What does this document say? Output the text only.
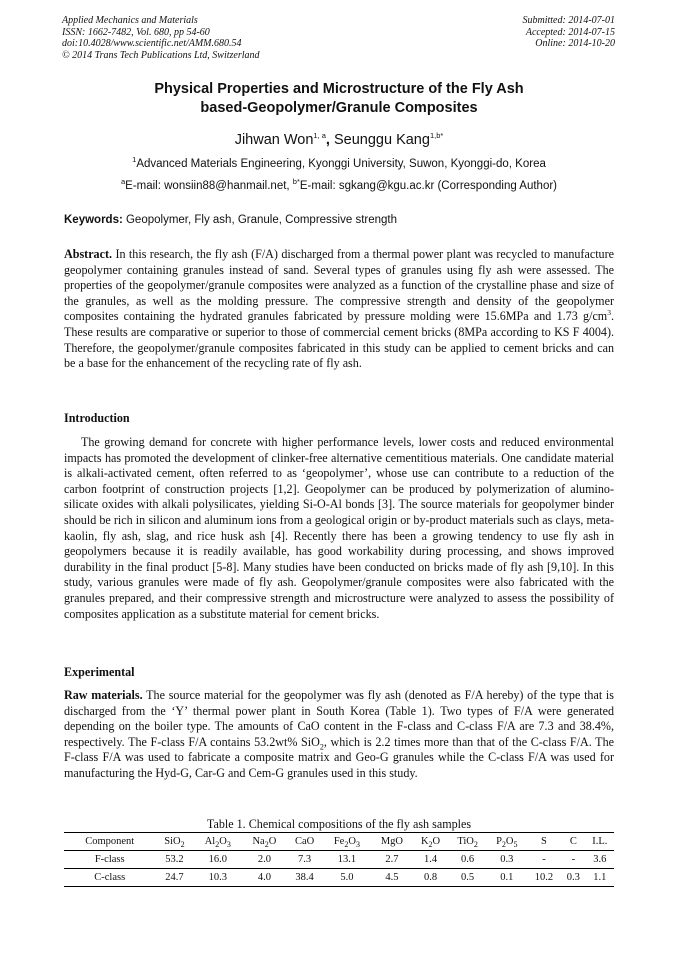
Applied Mechanics and Materials
ISSN: 1662-7482, Vol. 680, pp 54-60
doi:10.4028/www.scientific.net/AMM.680.54
© 2014 Trans Tech Publications Ltd, Switzerland
Submitted: 2014-07-01
Accepted: 2014-07-15
Online: 2014-10-20
Physical Properties and Microstructure of the Fly Ash
based-Geopolymer/Granule Composites
Jihwan Won$^{1, a}$, Seunggu Kang$^{1,b*}$
$^1$Advanced Materials Engineering, Kyonggi University, Suwon, Kyonggi-do, Korea
$^a$E-mail: wonsiin88@hanmail.net, $^{b*}$E-mail: sgkang@kgu.ac.kr (Corresponding Author)
Keywords: Geopolymer, Fly ash, Granule, Compressive strength
Abstract. In this research, the fly ash (F/A) discharged from a thermal power plant was recycled to manufacture geopolymer containing granules instead of sand. Several types of granules using fly ash were assessed. The properties of the geopolymer/granule composites were analyzed as a function of the crystalline phase and size of the granules, as well as the molding pressure. The compressive strength and density of the geopolymer composites containing the hydrated granules fabricated by pressure molding were 15.6MPa and 1.73 $g/cm^3$. These results are comparative or superior to those of commercial cement bricks (8MPa according to KS F 4004). Therefore, the geopolymer/granule composites fabricated in this study can be applied to cement bricks and can be a base for the enhancement of the recycling rate of fly ash.
Introduction
The growing demand for concrete with higher performance levels, lower costs and reduced environmental impacts has promoted the development of clinker-free alternative cementitious materials. One candidate material is alkali-activated cement, often referred to as ‘geopolymer’, whose use can contribute to a reduction of the carbon footprint of construction projects [1,2]. Geopolymer can be produced by polymerization of alumino-silicate oxides with alkali polysilicates, yielding Si-O-Al bonds [3]. The source materials for geopolymer binder should be rich in silicon and aluminum ions from a geological origin or by-product materials such as clays, meta-kaolin, fly ash, slag, and rice husk ash [4]. Recently there has been a growing tendency to use fly ash in geopolymers because it is readily available, has good workability during processing, and shows improved durability in the final product [5-8]. Many studies have been conducted on bricks made of fly ash [9,10]. In this study, various granules were made of fly ash. Geopolymer/granule composites were also fabricated with the granules prepared, and their compressive strength and microstructure were analyzed to assess the possibility of composites application as a substitute material for cement bricks.
Experimental
Raw materials. The source material for the geopolymer was fly ash (denoted as F/A hereby) of the type that is discharged from the ‘Y’ thermal power plant in South Korea (Table 1). Two types of F/A were generated depending on the boiler type. The amounts of CaO content in the F-class and C-class F/A are 7.3 and 38.4%, respectively. The F-class F/A contains 53.2wt% SiO$_2$, which is 2.2 times more than that of the C-class F/A. The F-class F/A was used to fabricate a composite matrix and Geo-G granules while the C-class F/A was used for manufacturing the Hyd-G, Car-G and Cem-G granules used in this study.
Table 1. Chemical compositions of the fly ash samples
Component	SiO$_2$	$Al_2O_3$	$Na_2O$	CaO	$Fe_2O_3$	MgO	$K_2O$	TiO$_2$	$P_2O_5$	S	C	I.L.
F-class	53.2	16.0	2.0	7.3	13.1	2.7	1.4	0.6	0.3	-	-	3.6
C-class	24.7	10.3	4.0	38.4	5.0	4.5	0.8	0.5	0.1	10.2	0.3	1.1
